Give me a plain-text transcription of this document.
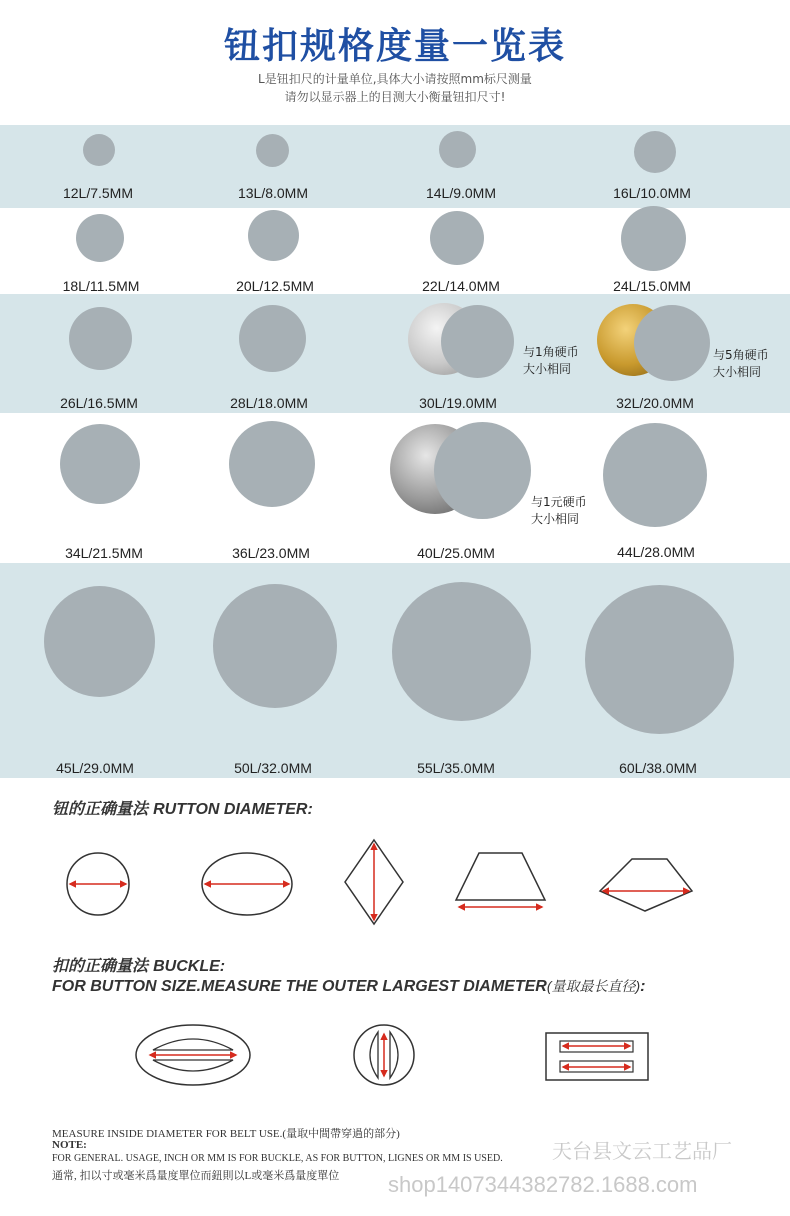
钮扣规格度量一览表
L是钮扣尺的计量单位,具体大小请按照mm标尺测量
请勿以显示器上的目测大小衡量钮扣尺寸!
12L/7.5MM	13L/8.0MM	14L/9.0MM	16L/10.0MM
18L/11.5MM	20L/12.5MM	22L/14.0MM	24L/15.0MM
与1角硬币
大小相同
与5角硬币
大小相同
26L/16.5MM	28L/18.0MM	30L/19.0MM	32L/20.0MM
与1元硬币
大小相同
34L/21.5MM	36L/23.0MM	40L/25.0MM	44L/28.0MM
45L/29.0MM	50L/32.0MM	55L/35.0MM	60L/38.0MM
钮的正确量法 RUTTON DIAMETER:
扣的正确量法 BUCKLE:
FOR BUTTON SIZE.MEASURE THE OUTER LARGEST DIAMETER(量取最长直径):
MEASURE INSIDE DIAMETER FOR BELT USE.(量取中間帶穿過的部分)
NOTE:
FOR GENERAL. USAGE, INCH OR MM IS FOR BUCKLE, AS FOR BUTTON, LIGNES OR MM IS USED.
通常, 扣以寸或毫米爲量度單位而鈕則以L或毫米爲量度單位
天台县文云工艺品厂
shop1407344382782.1688.com
